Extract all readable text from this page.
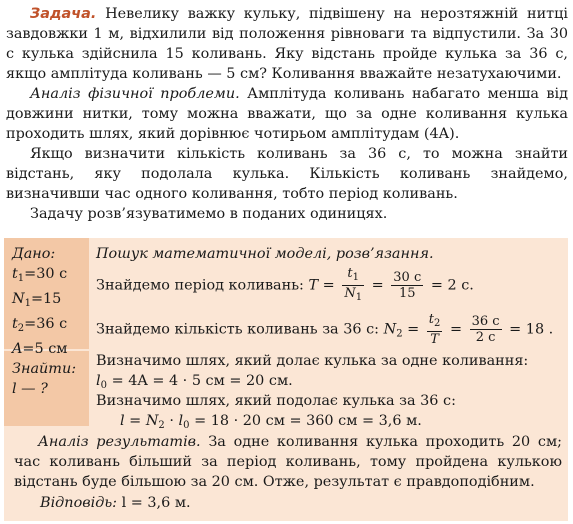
Задача. Невелику важку кульку, підвішену на нерозтяжній нитці завдовжки 1 м, відхилили від положення рівноваги та відпустили. За 30 с кулька здійснила 15 коливань. Яку відстань пройде кулька за 36 с, якщо амплітуда коливань — 5 см? Коливання вважайте незатухаючими.

Аналіз фізичної проблеми. Амплітуда коливань набагато менша від довжини нитки, тому можна вважати, що за одне коливання кулька проходить шлях, який дорівнює чотирьом амплітудам (4A).

Якщо визначити кількість коливань за 36 с, то можна знайти відстань, яку подолала кулька. Кількість коливань знайдемо, визначивши час одного коливання, тобто період коливань.

Задачу розв’язуватимемо в поданих одиницях.

Дано:
$t_1=30$ с
$N_1=15$
$t_2=36$ с
A=5 см
Знайти:
l — ?
Пошук математичної моделі, розв’язання.
Знайдемо період коливань: $T = \frac{t_1}{N_1} = \frac{30 с}{15} = 2$ с.
Знайдемо кількість коливань за 36 с: $N_2 = \frac{t_2}{T} = \frac{36 с}{2 с} = 18$ .
Визначимо шлях, який долає кулька за одне коливання:
$l_0 = 4A = 4 \cdot 5$ см = 20 см.
Визначимо шлях, який подолає кулька за 36 с:
$l = N_2 \cdot l_0 = 18 \cdot 20$ см = 360 см = 3,6 м.

Аналіз результатів. За одне коливання кулька проходить 20 см; час коливань більший за період коливань, тому пройдена кулькою відстань буде більшою за 20 см. Отже, результат є правдоподібним.

Відповідь: l = 3,6 м.
